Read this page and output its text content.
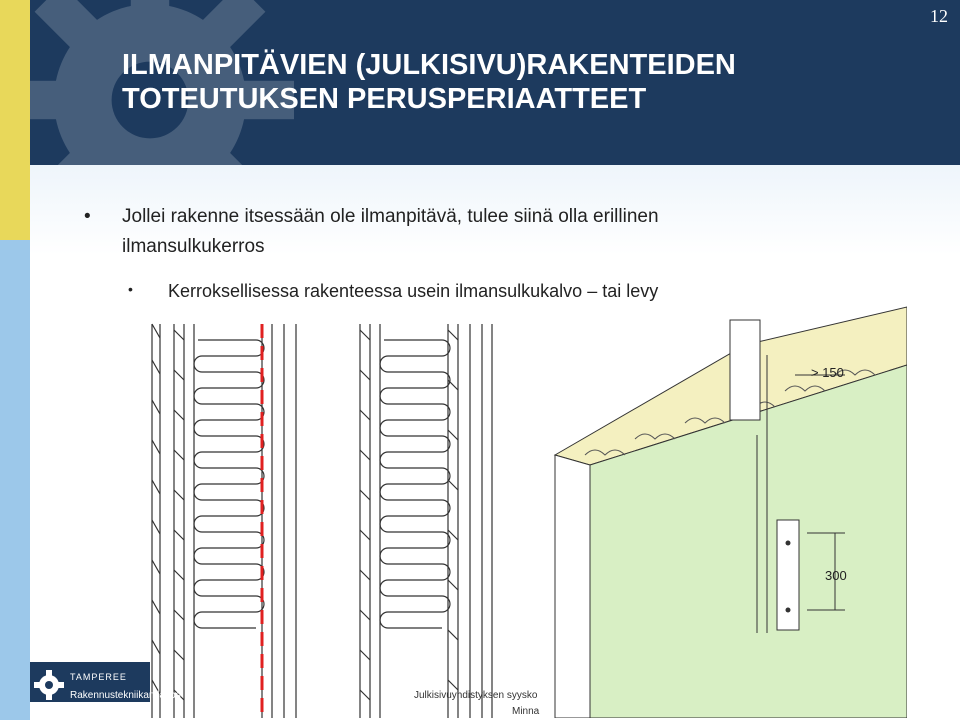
12
ILMANPITÄVIEN (JULKISIVU)RAKENTEIDEN
TOTEUTUKSEN PERUSPERIAATTEET
• Jollei rakenne itsessään ole ilmanpitävä, tulee siinä olla erillinen ilmansulkukerros
• Kerroksellisessa rakenteessa usein ilmansulkukalvo – tai levy
> 150
300
TAMPEREE
Rakennustekniikan laitos	Julkisivuyhdistyksen syysko
Minna
